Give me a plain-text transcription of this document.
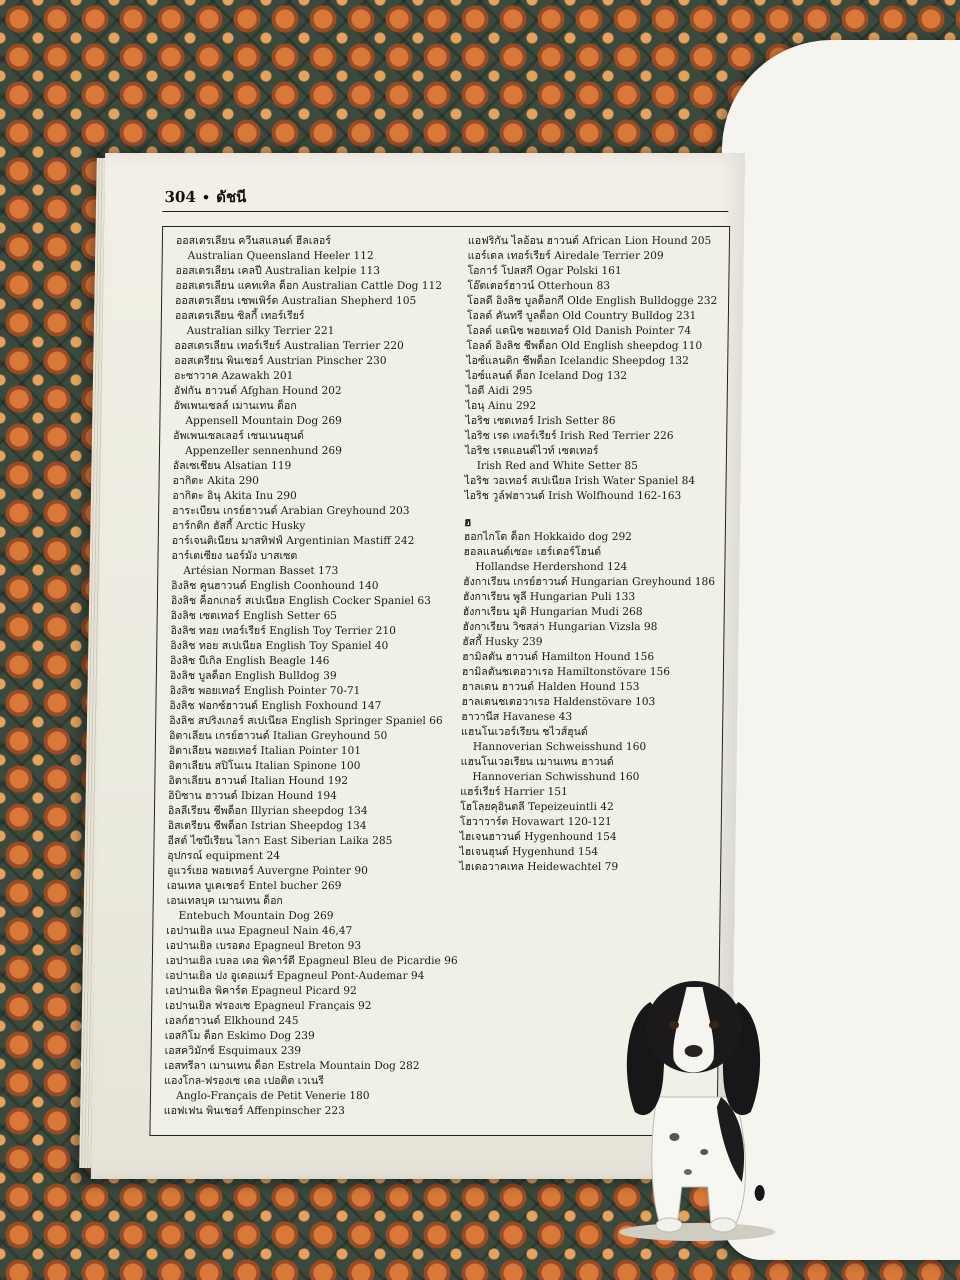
304 • ดัชนี
ออสเตรเลียน ควีนสแลนด์ ฮีลเลอร์
Australian Queensland Heeler 112
ออสเตรเลียน เคลปี Australian kelpie 113
ออสเตรเลียน แคทเทิล ด็อก Australian Cattle Dog 112
ออสเตรเลียน เชพเพิร์ด Australian Shepherd 105
ออสเตรเลียน ซิลกี้ เทอร์เรียร์
Australian silky Terrier 221
ออสเตรเลียน เทอร์เรียร์ Australian Terrier 220
ออสเตรียน พินเชอร์ Austrian Pinscher 230
อะซาวาค Azawakh 201
อัฟกัน ฮาวนด์ Afghan Hound 202
อัพเพนเซลล์ เมานเทน ด็อก
Appensell Mountain Dog 269
อัพเพนเซลเลอร์ เซนเนนฮุนด์
Appenzeller sennenhund 269
อัลเซเชียน Alsatian 119
อากิตะ Akita 290
อากิตะ อินุ Akita Inu 290
อาระเบียน เกรย์ฮาวนด์ Arabian Greyhound 203
อาร์กติก ฮัสกี้ Arctic Husky
อาร์เจนติเนียน มาสทิฟฟ์ Argentinian Mastiff 242
อาร์เตเซียง นอร์มัง บาสเซต
Artésian Norman Basset 173
อิงลิช คูนฮาวนด์ English Coonhound 140
อิงลิช ค็อกเกอร์ สเปเนียล English Cocker Spaniel 63
อิงลิช เซตเทอร์ English Setter 65
อิงลิช ทอย เทอร์เรียร์ English Toy Terrier 210
อิงลิช ทอย สเปเนียล English Toy Spaniel 40
อิงลิช บีเกิล English Beagle 146
อิงลิช บูลด็อก English Bulldog 39
อิงลิช พอยเทอร์ English Pointer 70-71
อิงลิช ฟอกซ์ฮาวนด์ English Foxhound 147
อิงลิช สปริงเกอร์ สเปเนียล English Springer Spaniel 66
อิตาเลียน เกรย์ฮาวนด์ Italian Greyhound 50
อิตาเลียน พอยเทอร์ Italian Pointer 101
อิตาเลียน สปิโนเน Italian Spinone 100
อิตาเลียน ฮาวนด์ Italian Hound 192
อิบิซาน ฮาวนด์ Ibizan Hound 194
อิลลีเรียน ชีพด็อก Illyrian sheepdog 134
อิสเตรียน ชีพด็อก Istrian Sheepdog 134
อีสต์ ไซบีเรียน ไลกา East Siberian Laika 285
อุปกรณ์ equipment 24
อูแวร์เยอ พอยเทอร์ Auvergne Pointer 90
เอนเทล บูเคเชอร์ Entel bucher 269
เอนเทลบุค เมานเทน ด็อก
Entebuch Mountain Dog 269
เอปานเยิล แนง Epagneul Nain 46,47
เอปานเยิล เบรอตง Epagneul Breton 93
เอปานเยิล เบลอ เดอ พิคาร์ดี Epagneul Bleu de Picardie 96
เอปานเยิล ปง อูเดอแมร์ Epagneul Pont-Audemar 94
เอปานเยิล พิคาร์ด Epagneul Picard 92
เอปานเยิล ฟรองเซ Epagneul Français 92
เอลก์ฮาวนด์ Elkhound 245
เอสกิโม ด็อก Eskimo Dog 239
เอสควิมักซ์ Esquimaux 239
เอสทรีลา เมานเทน ด็อก Estrela Mountain Dog 282
แองโกล-ฟรองเซ เดอ เปอติต เวเนรี
Anglo-Français de Petit Venerie 180
แอฟเฟน พินเชอร์ Affenpinscher 223
แอฟริกัน ไลอ้อน ฮาวนด์ African Lion Hound 205
แอร์เดล เทอร์เรียร์ Airedale Terrier 209
โอการ์ โปลสกี Ogar Polski 161
โอ๊ตเตอร์ฮาวน์ Otterhoun 83
โอลดี อิงลิช บูลด็อกกี Olde English Bulldogge 232
โอลด์ คันทรี บูลด็อก Old Country Bulldog 231
โอลด์ แดนิช พอยเทอร์ Old Danish Pointer 74
โอลด์ อิงลิช ชีพด็อก Old English sheepdog 110
ไอซ์แลนดิก ชีพด็อก Icelandic Sheepdog 132
ไอซ์แลนด์ ด็อก Iceland Dog 132
ไอดี Aidi 295
ไอนุ Ainu 292
ไอริช เซตเทอร์ Irish Setter 86
ไอริช เรด เทอร์เรียร์ Irish Red Terrier 226
ไอริช เรดแอนด์ไวท์ เซตเทอร์
Irish Red and White Setter 85
ไอริช วอเทอร์ สเปเนียล Irish Water Spaniel 84
ไอริช วูล์ฟฮาวนด์ Irish Wolfhound 162-163
ฮ
ฮอกไกโด ด็อก Hokkaido dog 292
ฮอลแลนด์เซอะ เฮร์เดอร์โฮนด์
Hollandse Herdershond 124
ฮังกาเรียน เกรย์ฮาวนด์ Hungarian Greyhound 186
ฮังกาเรียน พูลี Hungarian Puli 133
ฮังกาเรียน มูดิ Hungarian Mudi 268
ฮังกาเรียน วิซสล่า Hungarian Vizsla 98
ฮัสกี้ Husky 239
ฮามิลตัน ฮาวนด์ Hamilton Hound 156
ฮามิลตันชเตอวาเรอ Hamiltonstövare 156
ฮาลเดน ฮาวนด์ Halden Hound 153
ฮาลเดนชเตอวาเรอ Haldenstövare 103
ฮาวานีส Havanese 43
แฮนโนเวอร์เรียน ชไวส์ฮุนด์
Hannoverian Schweisshund 160
แฮนโนเวอเรียน เมานเทน ฮาวนด์
Hannoverian Schwisshund 160
แฮร์เรียร์ Harrier 151
โฮโลยคุอินตลี Tepeizeuintli 42
โฮวาวาร์ต Hovawart 120-121
ไฮเจนฮาวนด์ Hygenhound 154
ไฮเจนฮุนด์ Hygenhund 154
ไฮเดอวาคเทล Heidewachtel 79
